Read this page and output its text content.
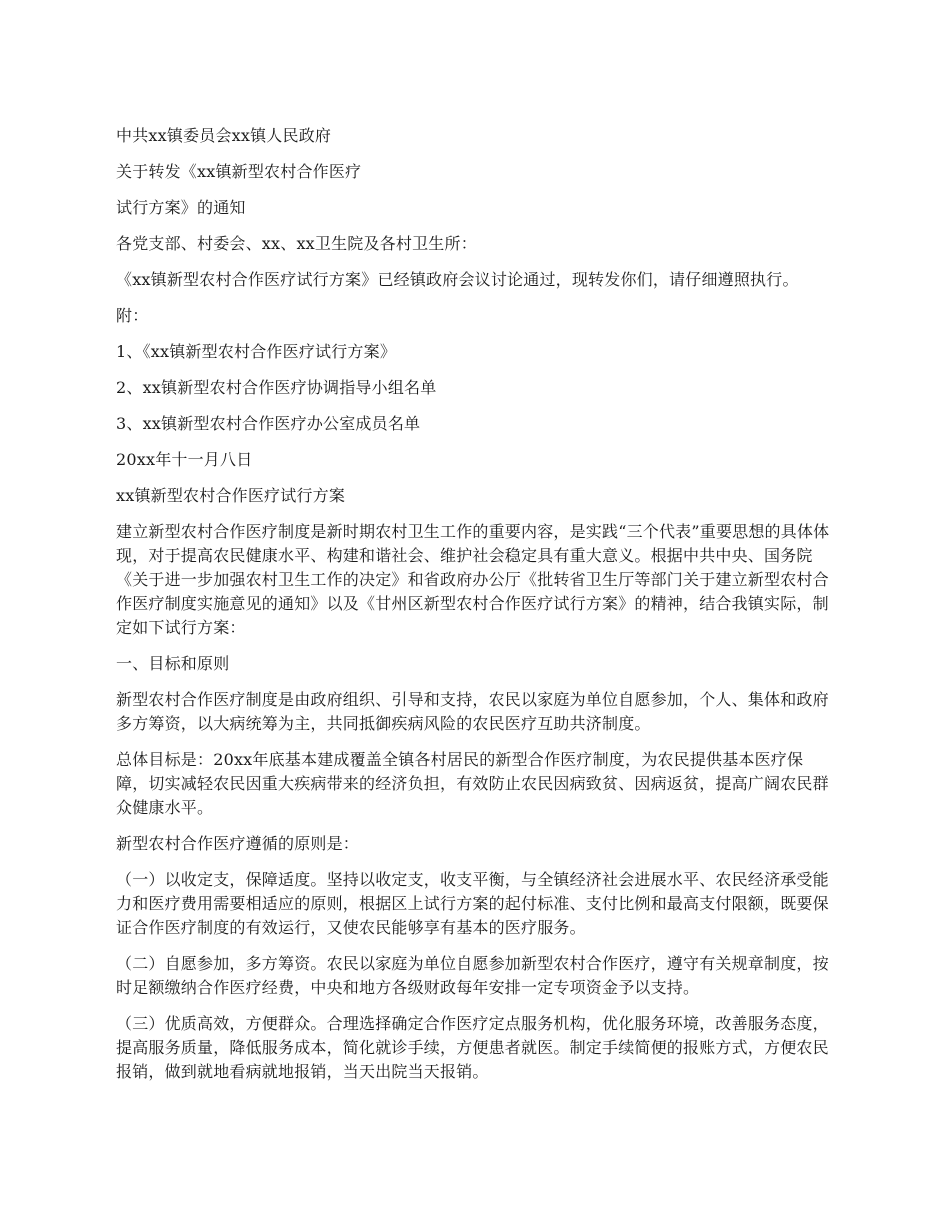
中共xx镇委员会xx镇人民政府

关于转发《xx镇新型农村合作医疗

试行方案》的通知

各党支部、村委会、xx、xx卫生院及各村卫生所：

《xx镇新型农村合作医疗试行方案》已经镇政府会议讨论通过，现转发你们，请仔细遵照执行。

附：

1、《xx镇新型农村合作医疗试行方案》

2、xx镇新型农村合作医疗协调指导小组名单

3、xx镇新型农村合作医疗办公室成员名单

20xx年十一月八日

xx镇新型农村合作医疗试行方案

建立新型农村合作医疗制度是新时期农村卫生工作的重要内容，是实践“三个代表”重要思想的具体体现，对于提高农民健康水平、构建和谐社会、维护社会稳定具有重大意义。根据中共中央、国务院《关于进一步加强农村卫生工作的决定》和省政府办公厅《批转省卫生厅等部门关于建立新型农村合作医疗制度实施意见的通知》以及《甘州区新型农村合作医疗试行方案》的精神，结合我镇实际，制定如下试行方案：

一、目标和原则

新型农村合作医疗制度是由政府组织、引导和支持，农民以家庭为单位自愿参加，个人、集体和政府多方筹资，以大病统筹为主，共同抵御疾病风险的农民医疗互助共济制度。

总体目标是：20xx年底基本建成覆盖全镇各村居民的新型合作医疗制度，为农民提供基本医疗保障，切实减轻农民因重大疾病带来的经济负担，有效防止农民因病致贫、因病返贫，提高广阔农民群众健康水平。

新型农村合作医疗遵循的原则是：

（一）以收定支，保障适度。坚持以收定支，收支平衡，与全镇经济社会进展水平、农民经济承受能力和医疗费用需要相适应的原则，根据区上试行方案的起付标准、支付比例和最高支付限额，既要保证合作医疗制度的有效运行，又使农民能够享有基本的医疗服务。

（二）自愿参加，多方筹资。农民以家庭为单位自愿参加新型农村合作医疗，遵守有关规章制度，按时足额缴纳合作医疗经费，中央和地方各级财政每年安排一定专项资金予以支持。

（三）优质高效，方便群众。合理选择确定合作医疗定点服务机构，优化服务环境，改善服务态度，提高服务质量，降低服务成本，简化就诊手续，方便患者就医。制定手续简便的报账方式，方便农民报销，做到就地看病就地报销，当天出院当天报销。
